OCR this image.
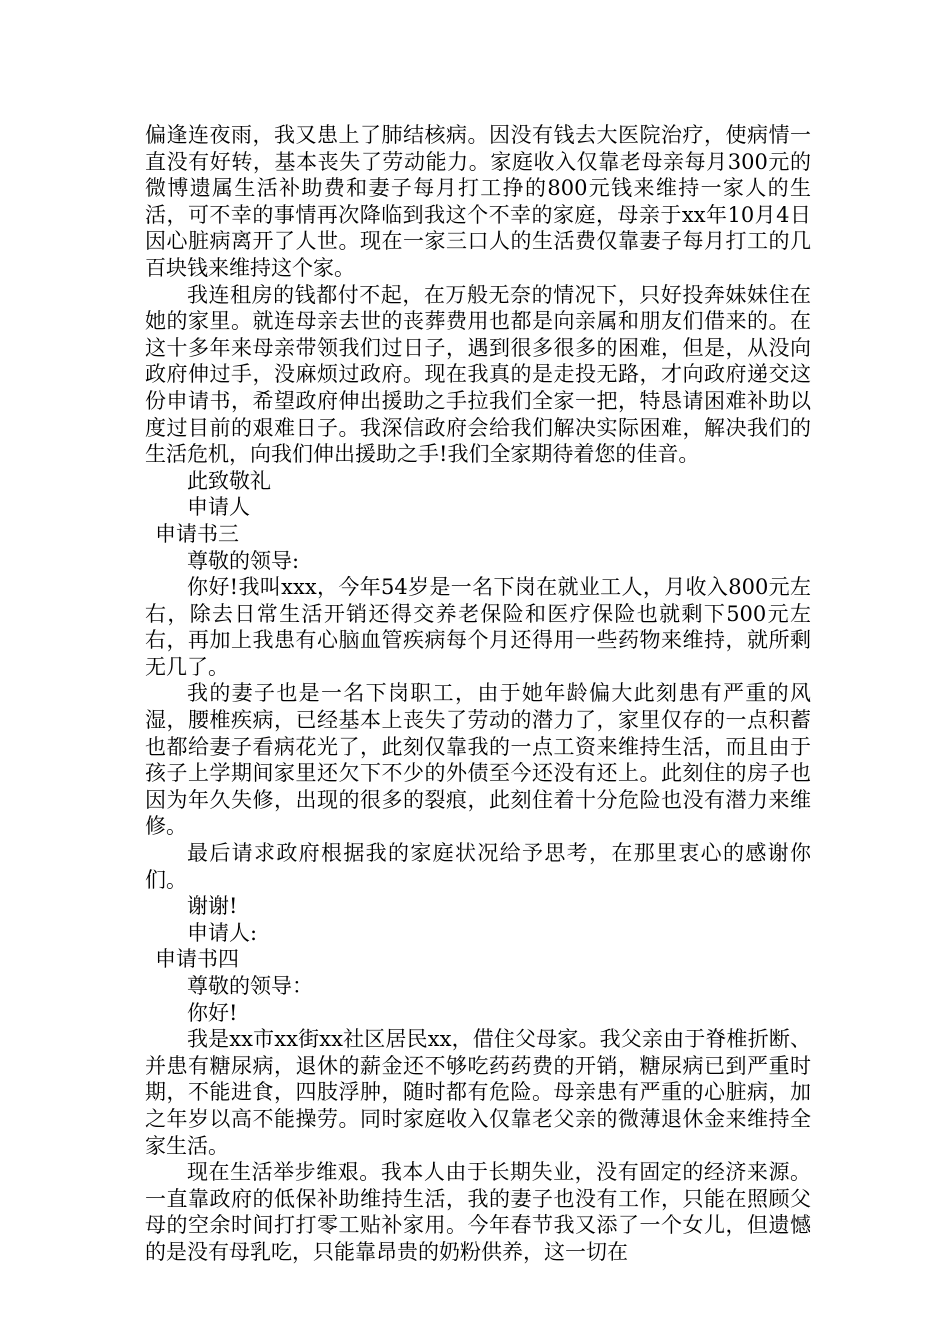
偏逢连夜雨，我又患上了肺结核病。因没有钱去大医院治疗，使病情一直没有好转，基本丧失了劳动能力。家庭收入仅靠老母亲每月300元的微博遗属生活补助费和妻子每月打工挣的800元钱来维持一家人的生活，可不幸的事情再次降临到我这个不幸的家庭，母亲于xx年10月4日因心脏病离开了人世。现在一家三口人的生活费仅靠妻子每月打工的几百块钱来维持这个家。

我连租房的钱都付不起，在万般无奈的情况下，只好投奔妹妹住在她的家里。就连母亲去世的丧葬费用也都是向亲属和朋友们借来的。在这十多年来母亲带领我们过日子，遇到很多很多的困难，但是，从没向政府伸过手，没麻烦过政府。现在我真的是走投无路，才向政府递交这份申请书，希望政府伸出援助之手拉我们全家一把，特恳请困难补助以度过目前的艰难日子。我深信政府会给我们解决实际困难，解决我们的生活危机，向我们伸出援助之手!我们全家期待着您的佳音。

此致敬礼
申请人
申请书三
尊敬的领导:

你好!我叫xxx，今年54岁是一名下岗在就业工人，月收入800元左右，除去日常生活开销还得交养老保险和医疗保险也就剩下500元左右，再加上我患有心脑血管疾病每个月还得用一些药物来维持，就所剩无几了。

我的妻子也是一名下岗职工，由于她年龄偏大此刻患有严重的风湿，腰椎疾病，已经基本上丧失了劳动的潜力了，家里仅存的一点积蓄也都给妻子看病花光了，此刻仅靠我的一点工资来维持生活，而且由于孩子上学期间家里还欠下不少的外债至今还没有还上。此刻住的房子也因为年久失修，出现的很多的裂痕，此刻住着十分危险也没有潜力来维修。

最后请求政府根据我的家庭状况给予思考，在那里衷心的感谢你们。

谢谢!
申请人:
申请书四
尊敬的领导：
你好!

我是xx市xx街xx社区居民xx，借住父母家。我父亲由于脊椎折断、并患有糖尿病，退休的薪金还不够吃药药费的开销，糖尿病已到严重时期，不能进食，四肢浮肿，随时都有危险。母亲患有严重的心脏病，加之年岁以高不能操劳。同时家庭收入仅靠老父亲的微薄退休金来维持全家生活。

现在生活举步维艰。我本人由于长期失业，没有固定的经济来源。一直靠政府的低保补助维持生活，我的妻子也没有工作，只能在照顾父母的空余时间打打零工贴补家用。今年春节我又添了一个女儿，但遗憾的是没有母乳吃，只能靠昂贵的奶粉供养，这一切在
